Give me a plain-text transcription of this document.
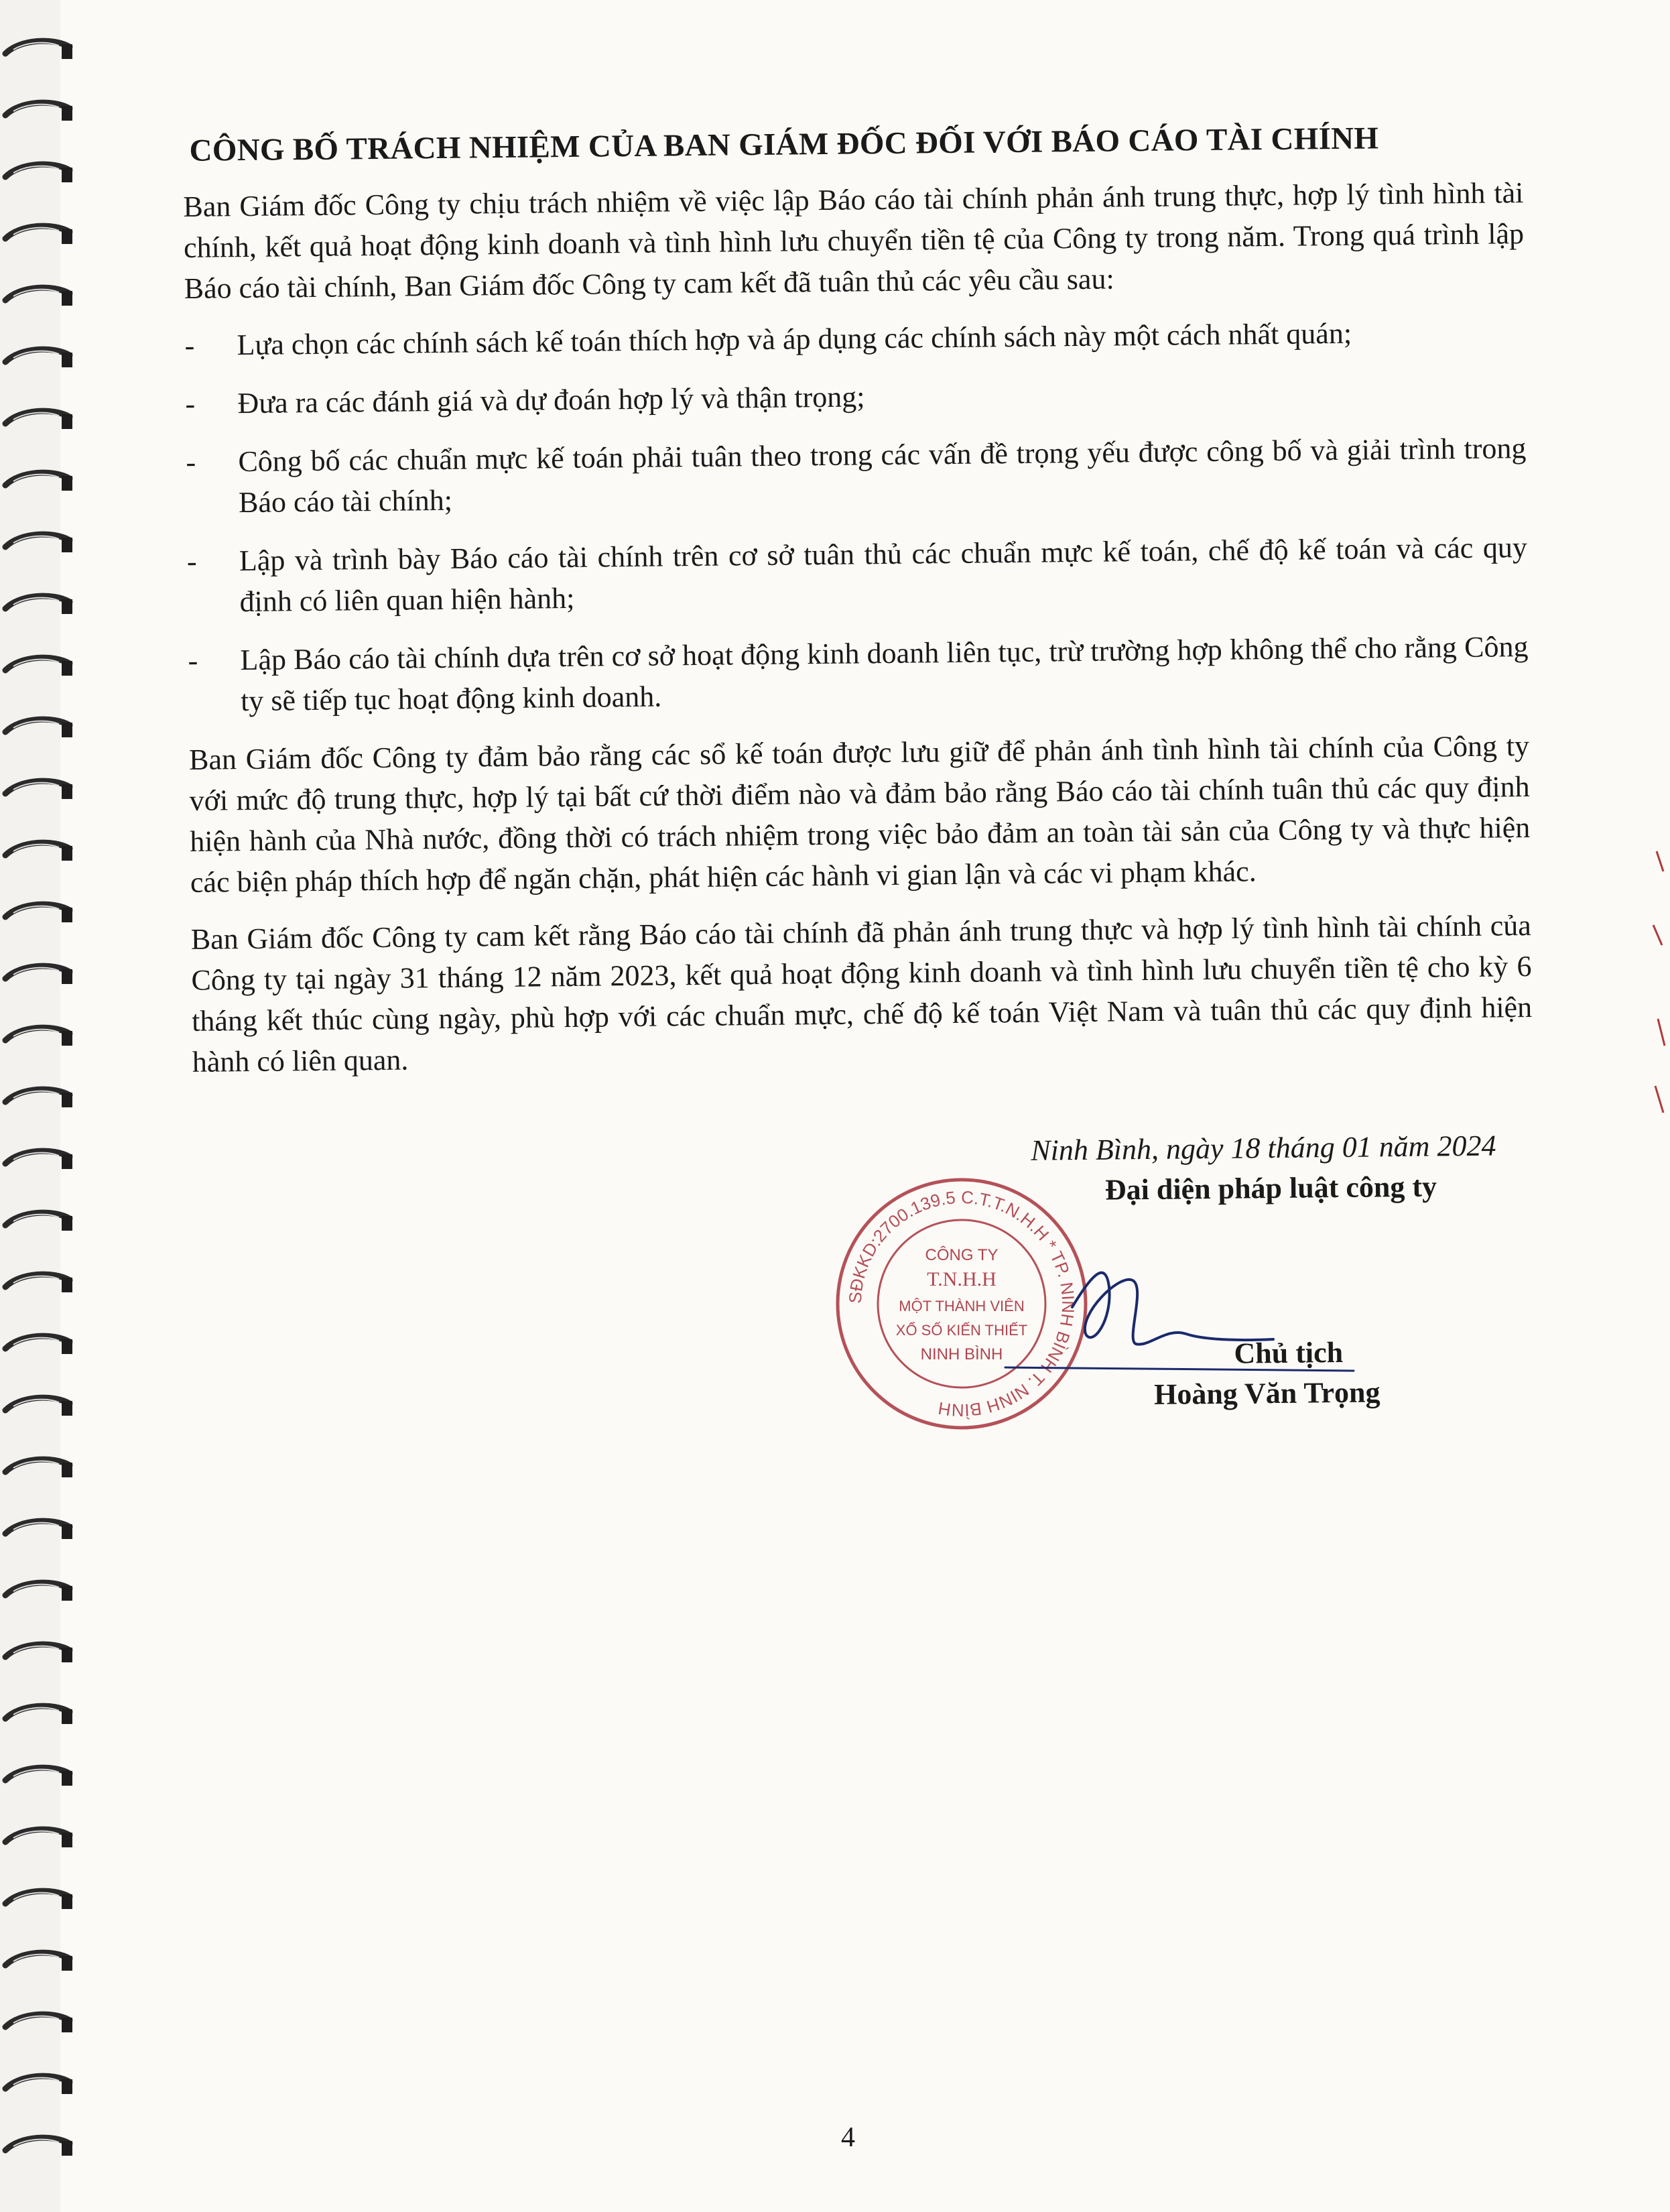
CÔNG BỐ TRÁCH NHIỆM CỦA BAN GIÁM ĐỐC ĐỐI VỚI BÁO CÁO TÀI CHÍNH

Ban Giám đốc Công ty chịu trách nhiệm về việc lập Báo cáo tài chính phản ánh trung thực, hợp lý tình hình tài chính, kết quả hoạt động kinh doanh và tình hình lưu chuyển tiền tệ của Công ty trong năm. Trong quá trình lập Báo cáo tài chính, Ban Giám đốc Công ty cam kết đã tuân thủ các yêu cầu sau:

- Lựa chọn các chính sách kế toán thích hợp và áp dụng các chính sách này một cách nhất quán;
- Đưa ra các đánh giá và dự đoán hợp lý và thận trọng;
- Công bố các chuẩn mực kế toán phải tuân theo trong các vấn đề trọng yếu được công bố và giải trình trong Báo cáo tài chính;
- Lập và trình bày Báo cáo tài chính trên cơ sở tuân thủ các chuẩn mực kế toán, chế độ kế toán và các quy định có liên quan hiện hành;
- Lập Báo cáo tài chính dựa trên cơ sở hoạt động kinh doanh liên tục, trừ trường hợp không thể cho rằng Công ty sẽ tiếp tục hoạt động kinh doanh.

Ban Giám đốc Công ty đảm bảo rằng các sổ kế toán được lưu giữ để phản ánh tình hình tài chính của Công ty với mức độ trung thực, hợp lý tại bất cứ thời điểm nào và đảm bảo rằng Báo cáo tài chính tuân thủ các quy định hiện hành của Nhà nước, đồng thời có trách nhiệm trong việc bảo đảm an toàn tài sản của Công ty và thực hiện các biện pháp thích hợp để ngăn chặn, phát hiện các hành vi gian lận và các vi phạm khác.

Ban Giám đốc Công ty cam kết rằng Báo cáo tài chính đã phản ánh trung thực và hợp lý tình hình tài chính của Công ty tại ngày 31 tháng 12 năm 2023, kết quả hoạt động kinh doanh và tình hình lưu chuyển tiền tệ cho kỳ 6 tháng kết thúc cùng ngày, phù hợp với các chuẩn mực, chế độ kế toán Việt Nam và tuân thủ các quy định hiện hành có liên quan.

Ninh Bình, ngày 18 tháng 01 năm 2024
Đại diện pháp luật công ty
Chủ tịch
Hoàng Văn Trọng
SĐKKD:2700.139.5 C.T.T.N.H.H * TP. NINH BÌNH T. NINH BÌNH
CÔNG TY
T.N.H.H
MỘT THÀNH VIÊN
XỔ SỐ KIẾN THIẾT
NINH BÌNH
4
